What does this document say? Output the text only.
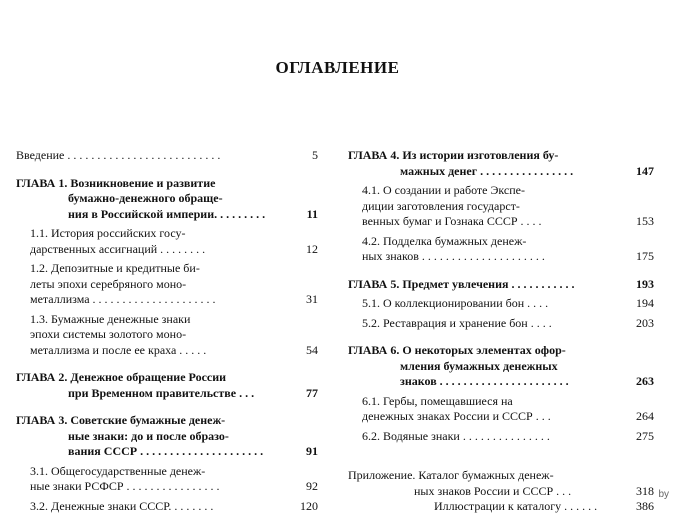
ОГЛАВЛЕНИЕ
Введение . . . . . . . . . . . . . . . . . . . . . . . . . .	5
ГЛАВА 1. Возникновение и развитие
бумажно-денежного обраще-
ния в Российской империи. . . . . . . . .	11
1.1. История российских госу-
дарственных ассигнаций . . . . . . . .	12
1.2. Депозитные и кредитные би-
леты эпохи серебряного моно-
металлизма . . . . . . . . . . . . . . . . . . . . .	31
1.3. Бумажные денежные знаки
эпохи системы золотого моно-
металлизма и после ее краха . . . . .	54
ГЛАВА 2. Денежное обращение России
при Временном правительстве . . .	77
ГЛАВА 3. Советские бумажные денеж-
ные знаки: до и после образо-
вания СССР . . . . . . . . . . . . . . . . . . . . .	91
3.1. Общегосударственные денеж-
ные знаки РСФСР . . . . . . . . . . . . . . . .	92
3.2. Денежные знаки СССР. . . . . . . .	120
ГЛАВА 4. Из истории изготовления бу-
мажных денег . . . . . . . . . . . . . . . .	147
4.1. О создании и работе Экспе-
диции заготовления государст-
венных бумаг и Гознака СССР . . . .	153
4.2. Подделка бумажных денеж-
ных знаков . . . . . . . . . . . . . . . . . . . . .	175
ГЛАВА 5. Предмет увлечения . . . . . . . . . . .	193
5.1. О коллекционировании бон . . . .	194
5.2. Реставрация и хранение бон . . . .	203
ГЛАВА 6. О некоторых элементах офор-
мления бумажных денежных
знаков . . . . . . . . . . . . . . . . . . . . . .	263
6.1. Гербы, помещавшиеся на
денежных знаках России и СССР . . .	264
6.2. Водяные знаки . . . . . . . . . . . . . . .	275
Приложение. Каталог бумажных денеж-
ных знаков России и СССР . . .	318
Иллюстрации к каталогу . . . . . .	386
by
